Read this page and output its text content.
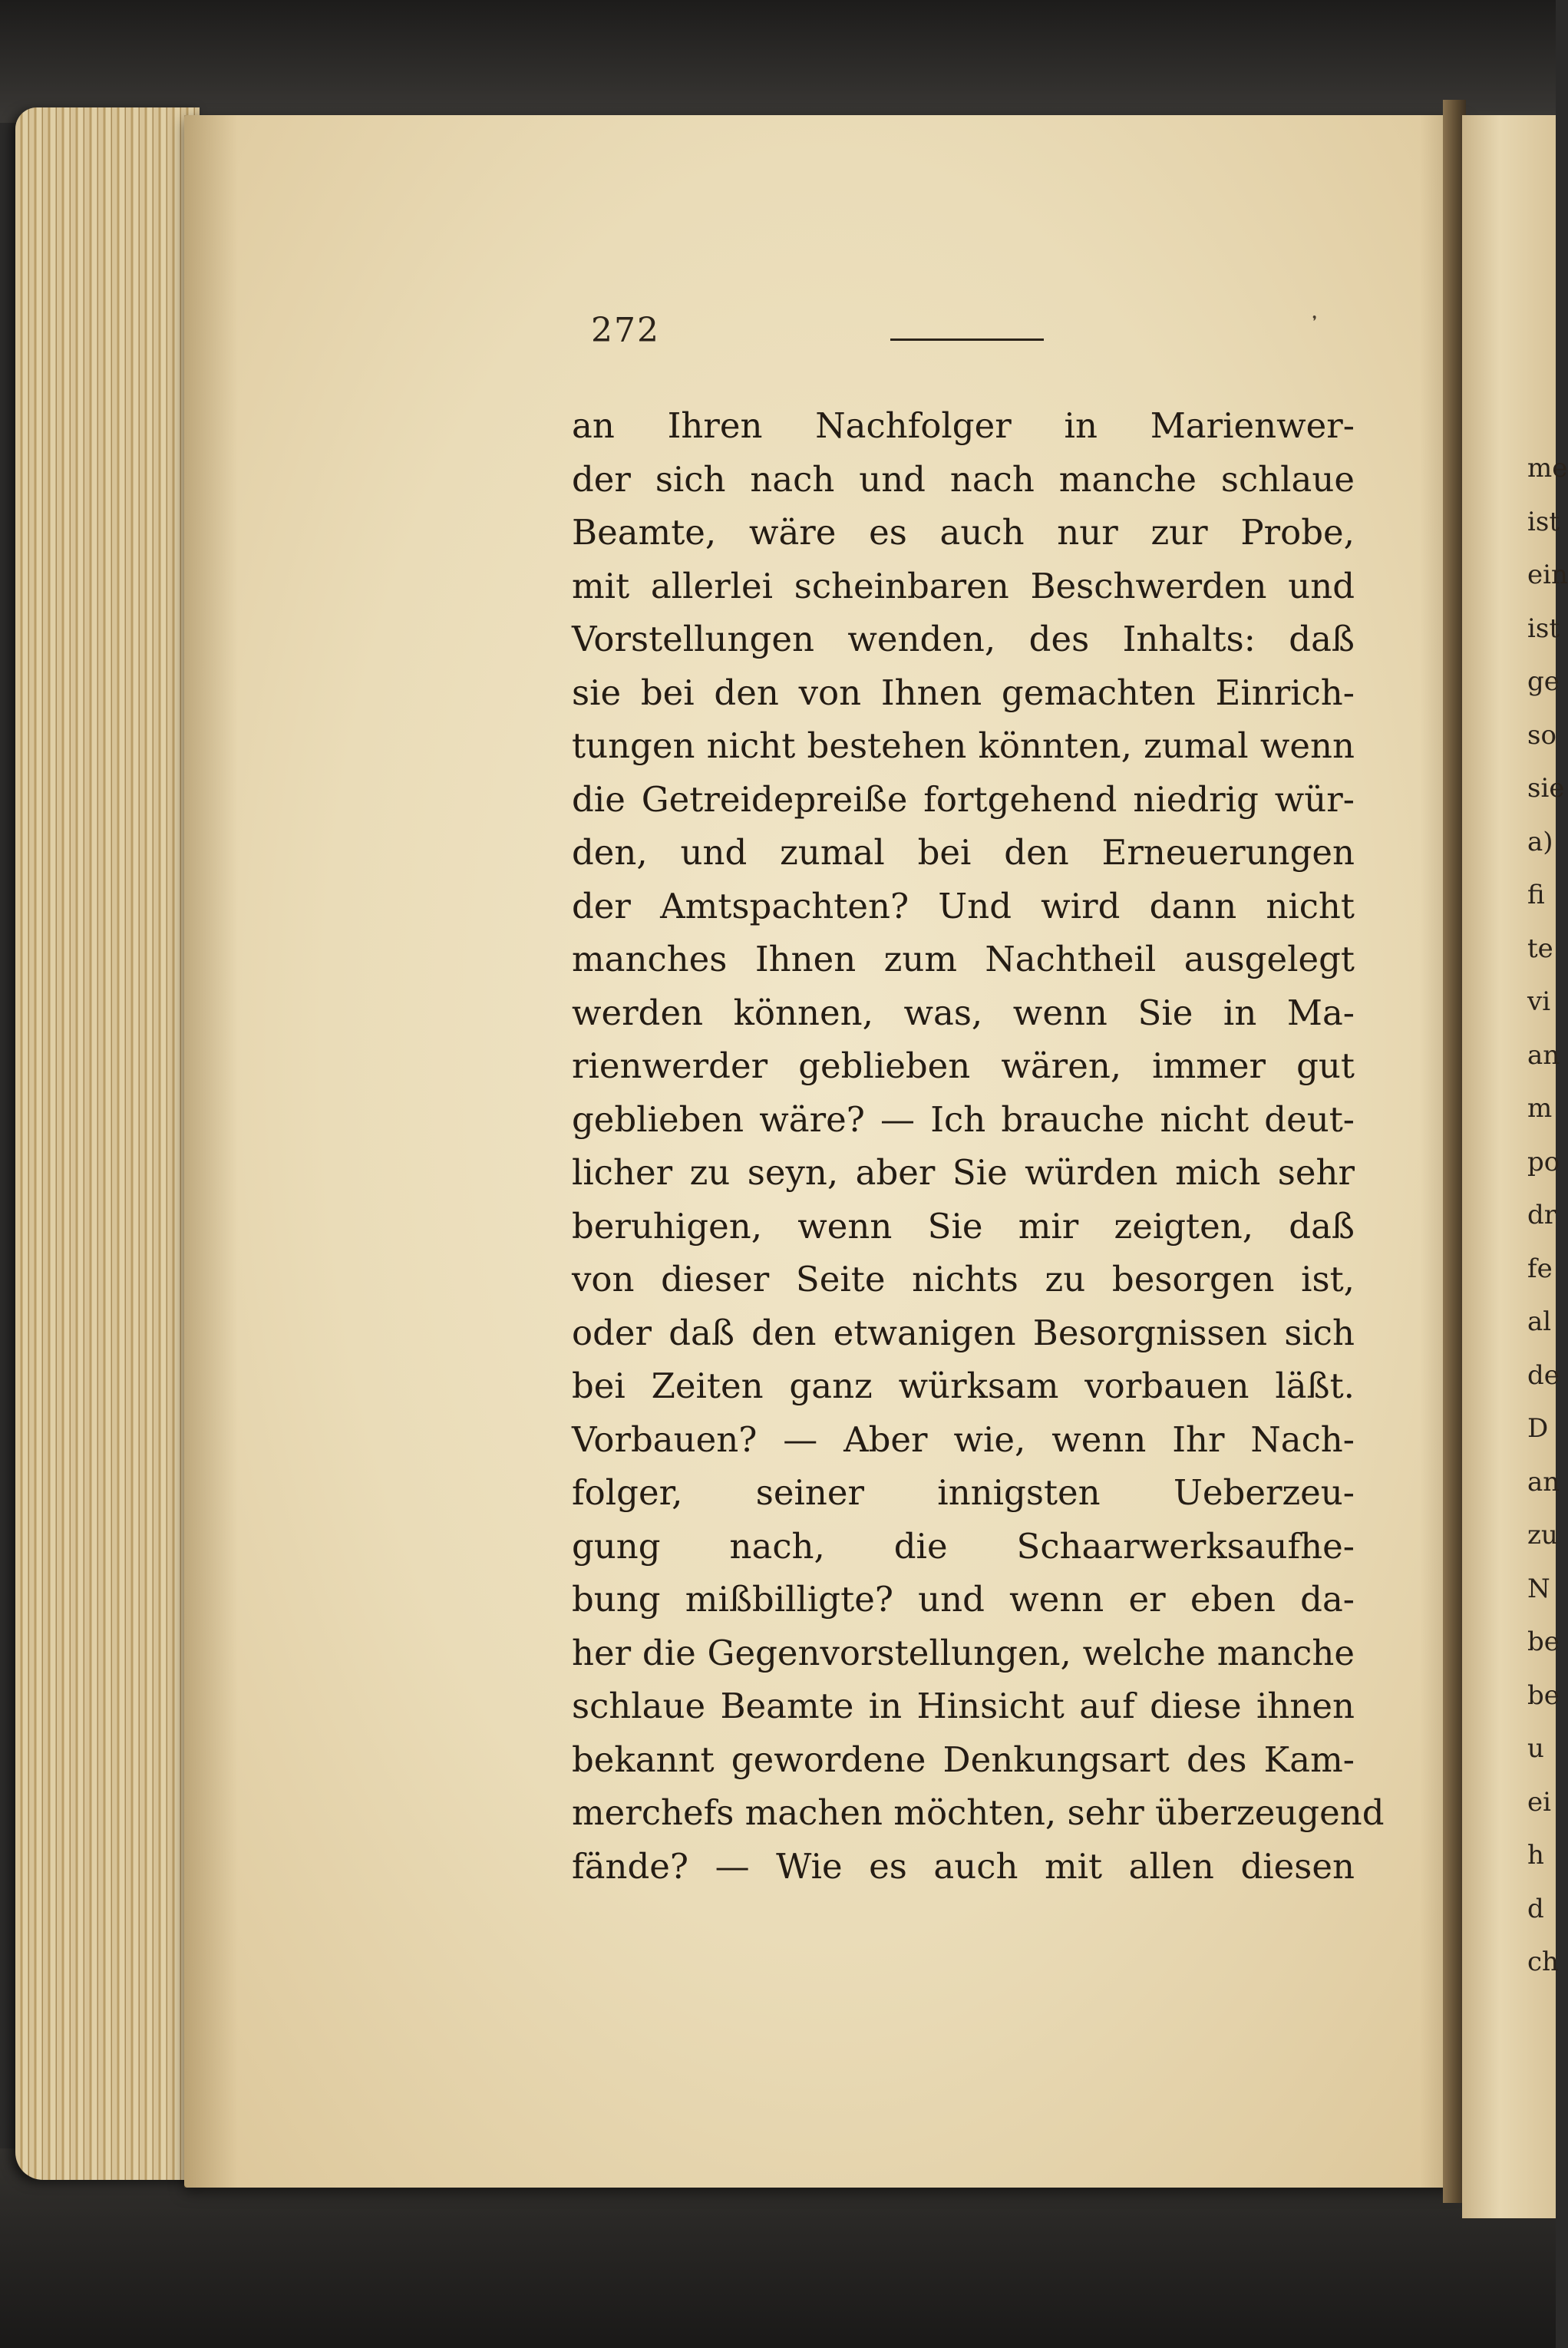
me
ist
ein
ist
ge
so
sie
a)
fi
te
vi
an
m
po
dr
fe
al
de
D
an
zu
N
be
be
u
ei
h
d
ch
272	᾽
an Ihren Nachfolger in Marienwer-
der sich nach und nach manche schlaue
Beamte, wäre es auch nur zur Probe,
mit allerlei scheinbaren Beschwerden und
Vorstellungen wenden, des Inhalts: daß
sie bei den von Ihnen gemachten Einrich-
tungen nicht bestehen könnten, zumal wenn
die Getreidepreiße fortgehend niedrig wür-
den, und zumal bei den Erneuerungen
der Amtspachten? Und wird dann nicht
manches Ihnen zum Nachtheil ausgelegt
werden können, was, wenn Sie in Ma-
rienwerder geblieben wären, immer gut
geblieben wäre? — Ich brauche nicht deut-
licher zu seyn, aber Sie würden mich sehr
beruhigen, wenn Sie mir zeigten, daß
von dieser Seite nichts zu besorgen ist,
oder daß den etwanigen Besorgnissen sich
bei Zeiten ganz würksam vorbauen läßt.
Vorbauen? — Aber wie, wenn Ihr Nach-
folger, seiner innigsten Ueberzeu-
gung nach, die Schaarwerksaufhe-
bung mißbilligte? und wenn er eben da-
her die Gegenvorstellungen, welche manche
schlaue Beamte in Hinsicht auf diese ihnen
bekannt gewordene Denkungsart des Kam-
merchefs machen möchten, sehr überzeugend
fände? — Wie es auch mit allen diesen
